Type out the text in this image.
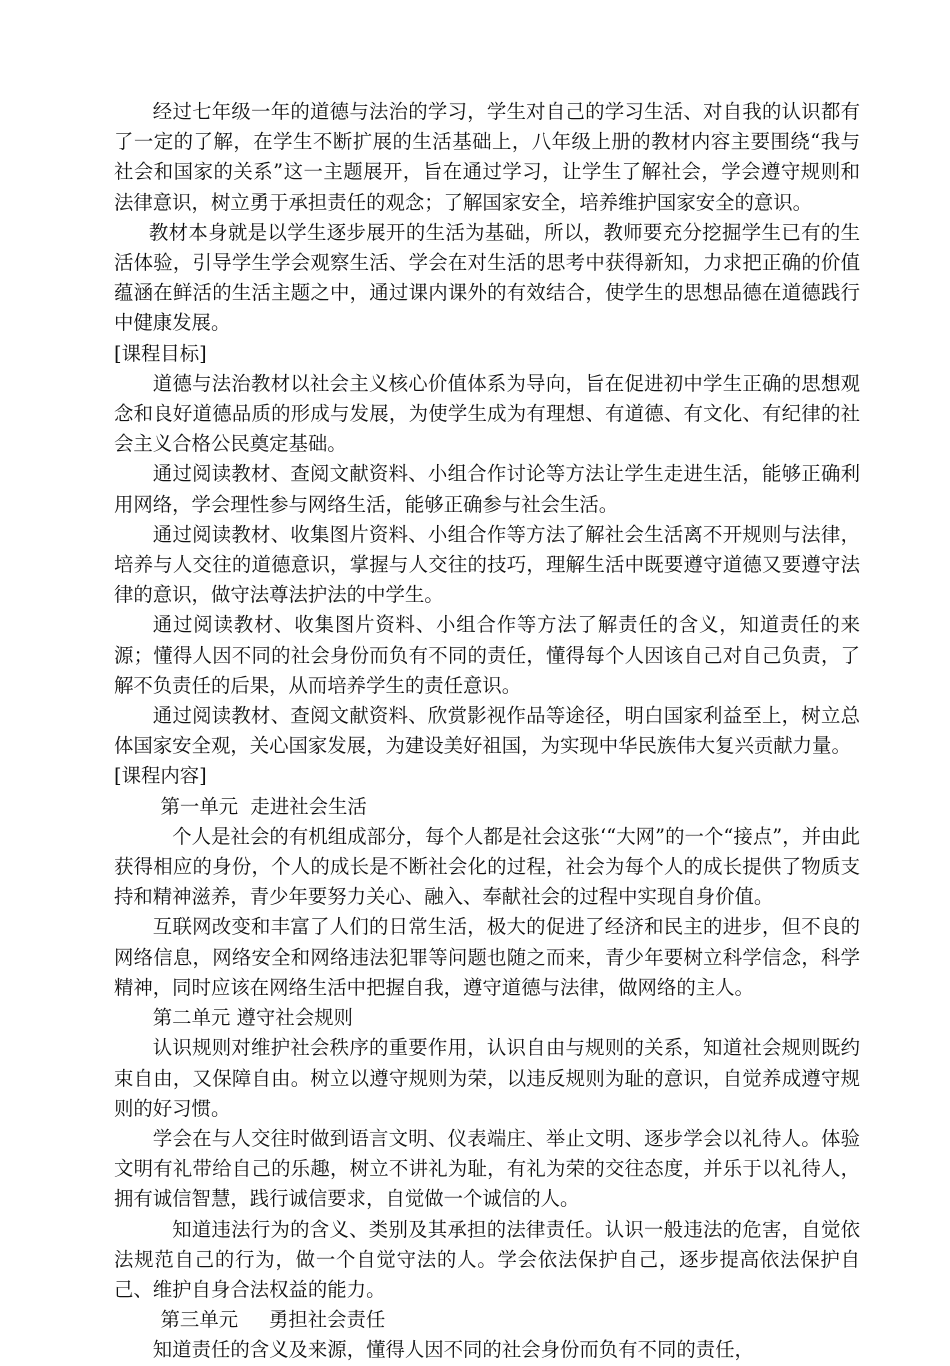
经过七年级一年的道德与法治的学习，学生对自己的学习生活、对自我的认识都有了一定的了解，在学生不断扩展的生活基础上，八年级上册的教材内容主要围绕“我与社会和国家的关系”这一主题展开，旨在通过学习，让学生了解社会，学会遵守规则和法律意识，树立勇于承担责任的观念；了解国家安全，培养维护国家安全的意识。

教材本身就是以学生逐步展开的生活为基础，所以，教师要充分挖掘学生已有的生活体验，引导学生学会观察生活、学会在对生活的思考中获得新知，力求把正确的价值蕴涵在鲜活的生活主题之中，通过课内课外的有效结合，使学生的思想品德在道德践行中健康发展。

[课程目标]

道德与法治教材以社会主义核心价值体系为导向，旨在促进初中学生正确的思想观念和良好道德品质的形成与发展，为使学生成为有理想、有道德、有文化、有纪律的社会主义合格公民奠定基础。

通过阅读教材、查阅文献资料、小组合作讨论等方法让学生走进生活，能够正确利用网络，学会理性参与网络生活，能够正确参与社会生活。

通过阅读教材、收集图片资料、小组合作等方法了解社会生活离不开规则与法律，培养与人交往的道德意识，掌握与人交往的技巧，理解生活中既要遵守道德又要遵守法律的意识，做守法尊法护法的中学生。

通过阅读教材、收集图片资料、小组合作等方法了解责任的含义，知道责任的来源；懂得人因不同的社会身份而负有不同的责任，懂得每个人因该自己对自己负责，了解不负责任的后果，从而培养学生的责任意识。

通过阅读教材、查阅文献资料、欣赏影视作品等途径，明白国家利益至上，树立总体国家安全观，关心国家发展，为建设美好祖国，为实现中华民族伟大复兴贡献力量。

[课程内容]

第一单元  走进社会生活

个人是社会的有机组成部分，每个人都是社会这张‘“大网”的一个“接点”，并由此获得相应的身份，个人的成长是不断社会化的过程，社会为每个人的成长提供了物质支持和精神滋养，青少年要努力关心、融入、奉献社会的过程中实现自身价值。

互联网改变和丰富了人们的日常生活，极大的促进了经济和民主的进步，但不良的网络信息，网络安全和网络违法犯罪等问题也随之而来，青少年要树立科学信念，科学精神，同时应该在网络生活中把握自我，遵守道德与法律，做网络的主人。

第二单元 遵守社会规则

认识规则对维护社会秩序的重要作用，认识自由与规则的关系，知道社会规则既约束自由，又保障自由。树立以遵守规则为荣，以违反规则为耻的意识，自觉养成遵守规则的好习惯。

学会在与人交往时做到语言文明、仪表端庄、举止文明、逐步学会以礼待人。体验文明有礼带给自己的乐趣，树立不讲礼为耻，有礼为荣的交往态度，并乐于以礼待人，拥有诚信智慧，践行诚信要求，自觉做一个诚信的人。

知道违法行为的含义、类别及其承担的法律责任。认识一般违法的危害，自觉依法规范自己的行为，做一个自觉守法的人。学会依法保护自己，逐步提高依法保护自己、维护自身合法权益的能力。

第三单元     勇担社会责任

知道责任的含义及来源，懂得人因不同的社会身份而负有不同的责任，
